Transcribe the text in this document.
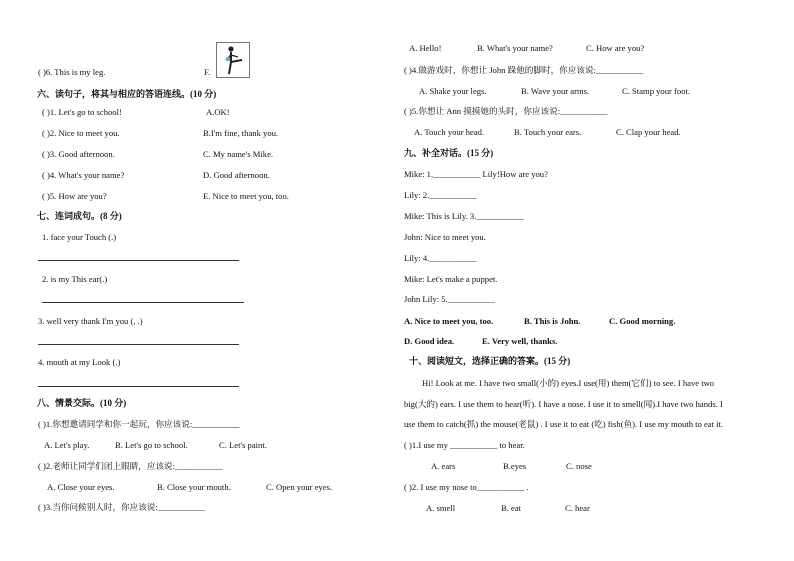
( )6. This is my leg.	F.
六、读句子，将其与相应的答语连线。(10 分)
( )1. Let's go to school!	A.OK!
( )2. Nice to meet you.	B.I'm fine, thank you.
( )3. Good afternoon.	C. My name's Mike.
( )4. What's your name?	D. Good afternoon.
( )5. How are you?	E. Nice to meet you, too.
七、连词成句。(8 分)
1. face your Touch (.)
2. is my This ear(.)
3. well very thank I'm you (, .)
4. mouth at my Look (.)
八、情景交际。(10 分)
( )1.你想邀请同学和你一起玩，你应该说:___________
A. Let's play.	B. Let's go to school.	C. Let's paint.
( )2.老师让同学们闭上眼睛，应该说:___________
A. Close your eyes.	B. Close your mouth.	C. Open your eyes.
( )3.当你问候别人时，你应该说:___________
A. Hello!	B. What's your name?	C. How are you?
( )4.做游戏时，你想让 John 跺他的脚时，你应该说:___________
A. Shake your legs.	B. Wave your arms.	C. Stamp your foot.
( )5.你想让 Ann 摸摸她的头时，你应该说:___________
A. Touch your head.	B. Touch your ears.	C. Clap your head.
九、补全对话。(15 分)
Mike: 1.___________ Lily!How are you?
Lily: 2.___________
Mike: This is Lily. 3.___________
John: Nice to meet you.
Lily: 4.___________
Mike: Let's make a puppet.
John Lily: 5.___________
A. Nice to meet you, too.	B. This is John.	C. Good morning.
D. Good idea.	E. Very well, thanks.
十、阅读短文，选择正确的答案。(15 分)
Hi! Look at me. I have two small(小的) eyes.I use(用) them(它们) to see. I have two
big(大的) ears. I use them to hear(听). I have a nose. I use it to smell(闻).I have two hands. I
use them to catch(抓) the mouse(老鼠) . I use it to eat (吃) fish(鱼). I use my mouth to eat it.
( )1.I use my ___________ to hear.
A. ears	B.eyes	C. nose
( )2. I use my nose to___________ .
A. smell	B. eat	C. hear
